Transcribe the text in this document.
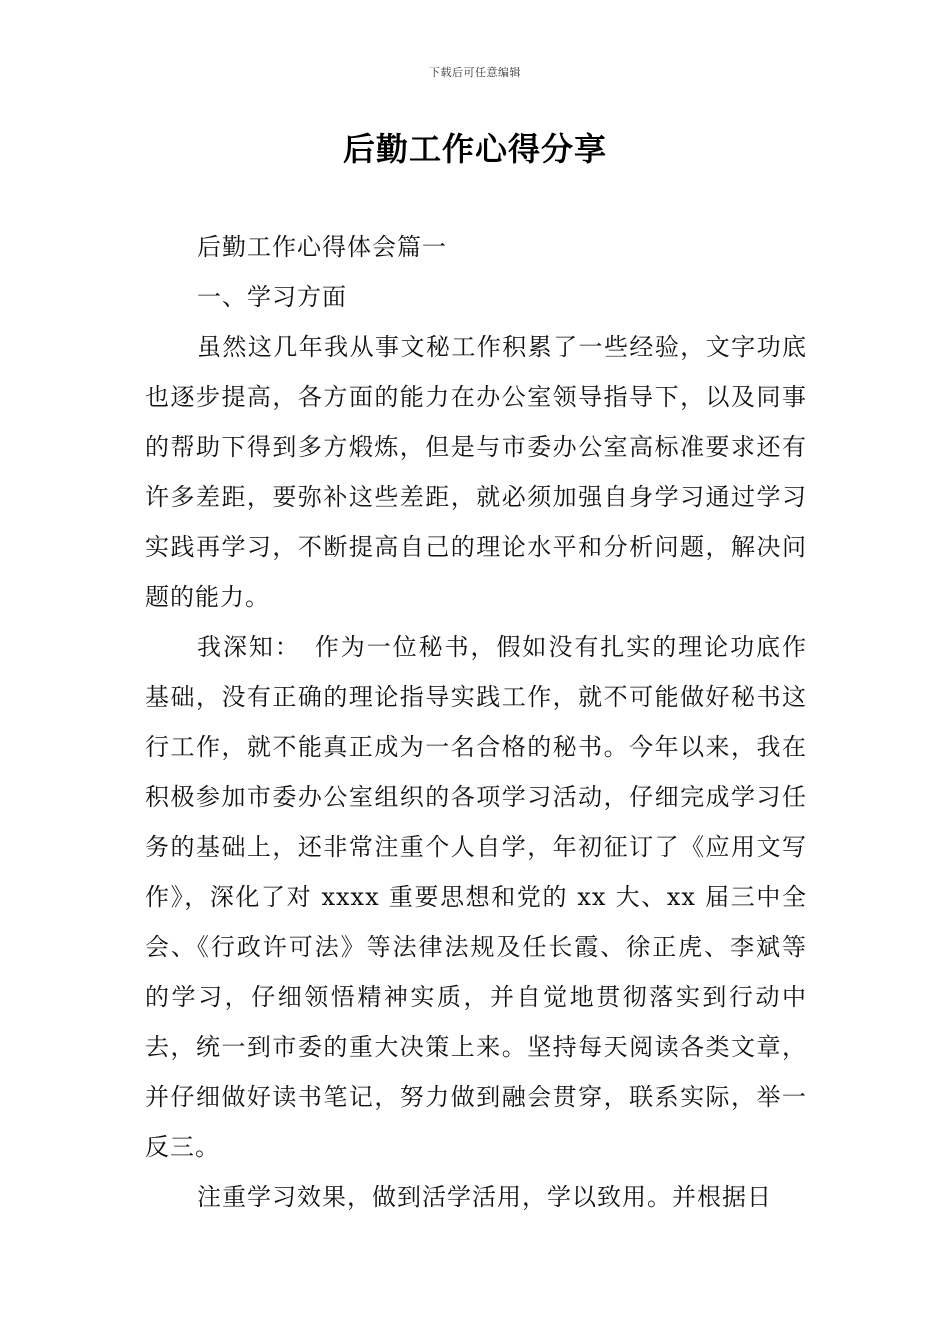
下载后可任意编辑
后勤工作心得分享

后勤工作心得体会篇一

一、学习方面

虽然这几年我从事文秘工作积累了一些经验，文字功底也逐步提高，各方面的能力在办公室领导指导下，以及同事的帮助下得到多方煅炼，但是与市委办公室高标准要求还有许多差距，要弥补这些差距，就必须加强自身学习通过学习实践再学习，不断提高自己的理论水平和分析问题，解决问题的能力。

我深知：　作为一位秘书，假如没有扎实的理论功底作基础，没有正确的理论指导实践工作，就不可能做好秘书这行工作，就不能真正成为一名合格的秘书。今年以来，我在积极参加市委办公室组织的各项学习活动，仔细完成学习任务的基础上，还非常注重个人自学，年初征订了《应用文写作》，深化了对 xxxx 重要思想和党的 xx 大、xx 届三中全会、《行政许可法》等法律法规及任长霞、徐正虎、李斌等的学习，仔细领悟精神实质，并自觉地贯彻落实到行动中去，统一到市委的重大决策上来。坚持每天阅读各类文章，并仔细做好读书笔记，努力做到融会贯穿，联系实际，举一反三。

注重学习效果，做到活学活用，学以致用。并根据日
